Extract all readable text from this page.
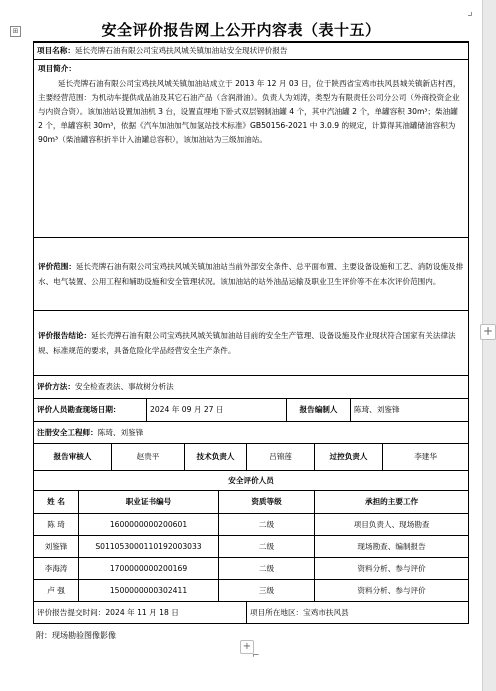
⌟
⊞	安全评价报告网上公开内容表（表十五）
项目名称：延长壳牌石油有限公司宝鸡扶风城关镇加油站安全现状评价报告										

项目简介：
延长壳牌石油有限公司宝鸡扶风城关镇加油站成立于 2013 年 12 月 03 日，位于陕西省宝鸡市扶风县城关镇新店村西，主要经营范围：为机动车提供成品油及其它石油产品（含润滑油）。负责人为刘涛，类型为有限责任公司分公司（外商投资企业与内资合资）。该加油站设置加油机 3 台，设置直埋地下卧式双层钢制油罐 4 个，其中汽油罐 2 个，单罐容积 30m³；柴油罐 2 个，单罐容积 30m³，依据《汽车加油加气加氢站技术标准》GB50156-2021 中 3.0.9 的规定，计算得其油罐储油容积为 90m³（柴油罐容积折半计入油罐总容积），该加油站为三级加油站。										

评价范围：延长壳牌石油有限公司宝鸡扶风城关镇加油站当前外部安全条件、总平面布置、主要设备设施和工艺、消防设施及排水、电气装置、公用工程和辅助设施和安全管理状况。该加油站的站外油品运输及职业卫生评价等不在本次评价范围内。										
评价报告结论：延长壳牌石油有限公司宝鸡扶风城关镇加油站目前的安全生产管理、设备设施及作业现状符合国家有关法律法规、标准规范的要求，具备危险化学品经营安全生产条件。										
评价方法：安全检查表法、事故树分析法										
评价人员勘查现场日期：			2024 年 09 月 27 日				报告编制人		陈琦、刘鉴锋	
注册安全工程师：陈琦、刘鉴锋										
报告审核人		赵贵平		技术负责人		吕锦莲		过控负责人		李建华
安全评价人员										
姓 名	职业证书编号				资质等级			承担的主要工作		
陈 琦	1600000000200601				二级			项目负责人、现场勘查		
刘鉴锋	S011053000110192003033				二级			现场勘查、编制报告		
李海涛	1700000000200169				二级			资料分析、参与评价		
卢 强	1500000000302411				三级			资料分析、参与评价		
评价报告提交时间：2024 年 11 月 18 日						项目所在地区：宝鸡市扶风县				
附：现场勘验图像影像
+
⌐
+
